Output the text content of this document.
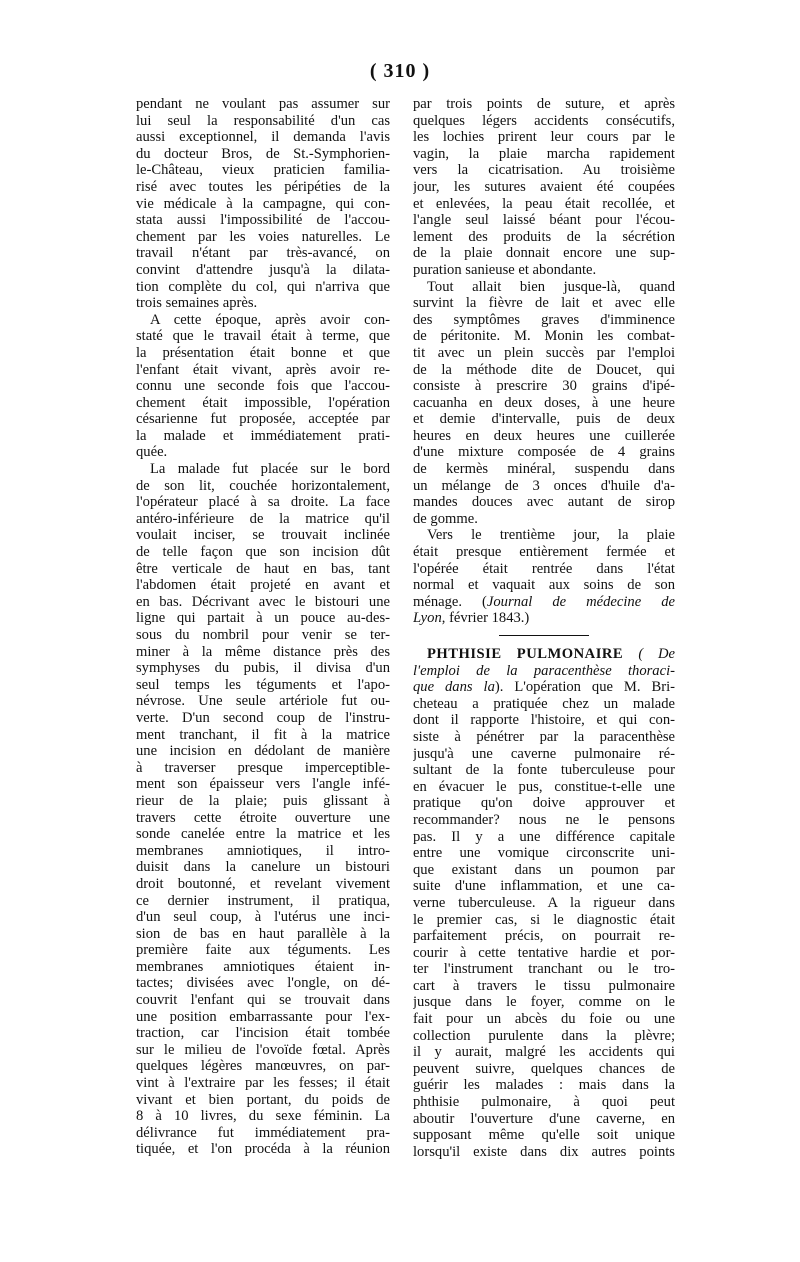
( 310 )
pendant ne voulant pas assumer sur
lui seul la responsabilité d'un cas
aussi exceptionnel, il demanda l'avis
du docteur Bros, de St.-Symphorien-
le-Château, vieux praticien familia-
risé avec toutes les péripéties de la
vie médicale à la campagne, qui con-
stata aussi l'impossibilité de l'accou-
chement par les voies naturelles. Le
travail n'étant par très-avancé, on
convint d'attendre jusqu'à la dilata-
tion complète du col, qui n'arriva que
trois semaines après.
A cette époque, après avoir con-
staté que le travail était à terme, que
la présentation était bonne et que
l'enfant était vivant, après avoir re-
connu une seconde fois que l'accou-
chement était impossible, l'opération
césarienne fut proposée, acceptée par
la malade et immédiatement prati-
quée.
La malade fut placée sur le bord
de son lit, couchée horizontalement,
l'opérateur placé à sa droite. La face
antéro-inférieure de la matrice qu'il
voulait inciser, se trouvait inclinée
de telle façon que son incision dût
être verticale de haut en bas, tant
l'abdomen était projeté en avant et
en bas. Décrivant avec le bistouri une
ligne qui partait à un pouce au-des-
sous du nombril pour venir se ter-
miner à la même distance près des
symphyses du pubis, il divisa d'un
seul temps les téguments et l'apo-
névrose. Une seule artériole fut ou-
verte. D'un second coup de l'instru-
ment tranchant, il fit à la matrice
une incision en dédolant de manière
à traverser presque imperceptible-
ment son épaisseur vers l'angle infé-
rieur de la plaie; puis glissant à
travers cette étroite ouverture une
sonde canelée entre la matrice et les
membranes amniotiques, il intro-
duisit dans la canelure un bistouri
droit boutonné, et revelant vivement
ce dernier instrument, il pratiqua,
d'un seul coup, à l'utérus une inci-
sion de bas en haut parallèle à la
première faite aux téguments. Les
membranes amniotiques étaient in-
tactes; divisées avec l'ongle, on dé-
couvrit l'enfant qui se trouvait dans
une position embarrassante pour l'ex-
traction, car l'incision était tombée
sur le milieu de l'ovoïde fœtal. Après
quelques légères manœuvres, on par-
vint à l'extraire par les fesses; il était
vivant et bien portant, du poids de
8 à 10 livres, du sexe féminin. La
délivrance fut immédiatement pra-
tiquée, et l'on procéda à la réunion
par trois points de suture, et après
quelques légers accidents consécutifs,
les lochies prirent leur cours par le
vagin, la plaie marcha rapidement
vers la cicatrisation. Au troisième
jour, les sutures avaient été coupées
et enlevées, la peau était recollée, et
l'angle seul laissé béant pour l'écou-
lement des produits de la sécrétion
de la plaie donnait encore une sup-
puration sanieuse et abondante.
Tout allait bien jusque-là, quand
survint la fièvre de lait et avec elle
des symptômes graves d'imminence
de péritonite. M. Monin les combat-
tit avec un plein succès par l'emploi
de la méthode dite de Doucet, qui
consiste à prescrire 30 grains d'ipé-
cacuanha en deux doses, à une heure
et demie d'intervalle, puis de deux
heures en deux heures une cuillerée
d'une mixture composée de 4 grains
de kermès minéral, suspendu dans
un mélange de 3 onces d'huile d'a-
mandes douces avec autant de sirop
de gomme.
Vers le trentième jour, la plaie
était presque entièrement fermée et
l'opérée était rentrée dans l'état
normal et vaquait aux soins de son
ménage. (Journal de médecine de
Lyon, février 1843.)
PHTHISIE PULMONAIRE ( De
l'emploi de la paracenthèse thoraci-
que dans la). L'opération que M. Bri-
cheteau a pratiquée chez un malade
dont il rapporte l'histoire, et qui con-
siste à pénétrer par la paracenthèse
jusqu'à une caverne pulmonaire ré-
sultant de la fonte tuberculeuse pour
en évacuer le pus, constitue-t-elle une
pratique qu'on doive approuver et
recommander? nous ne le pensons
pas. Il y a une différence capitale
entre une vomique circonscrite uni-
que existant dans un poumon par
suite d'une inflammation, et une ca-
verne tuberculeuse. A la rigueur dans
le premier cas, si le diagnostic était
parfaitement précis, on pourrait re-
courir à cette tentative hardie et por-
ter l'instrument tranchant ou le tro-
cart à travers le tissu pulmonaire
jusque dans le foyer, comme on le
fait pour un abcès du foie ou une
collection purulente dans la plèvre;
il y aurait, malgré les accidents qui
peuvent suivre, quelques chances de
guérir les malades : mais dans la
phthisie pulmonaire, à quoi peut
aboutir l'ouverture d'une caverne, en
supposant même qu'elle soit unique
lorsqu'il existe dans dix autres points
